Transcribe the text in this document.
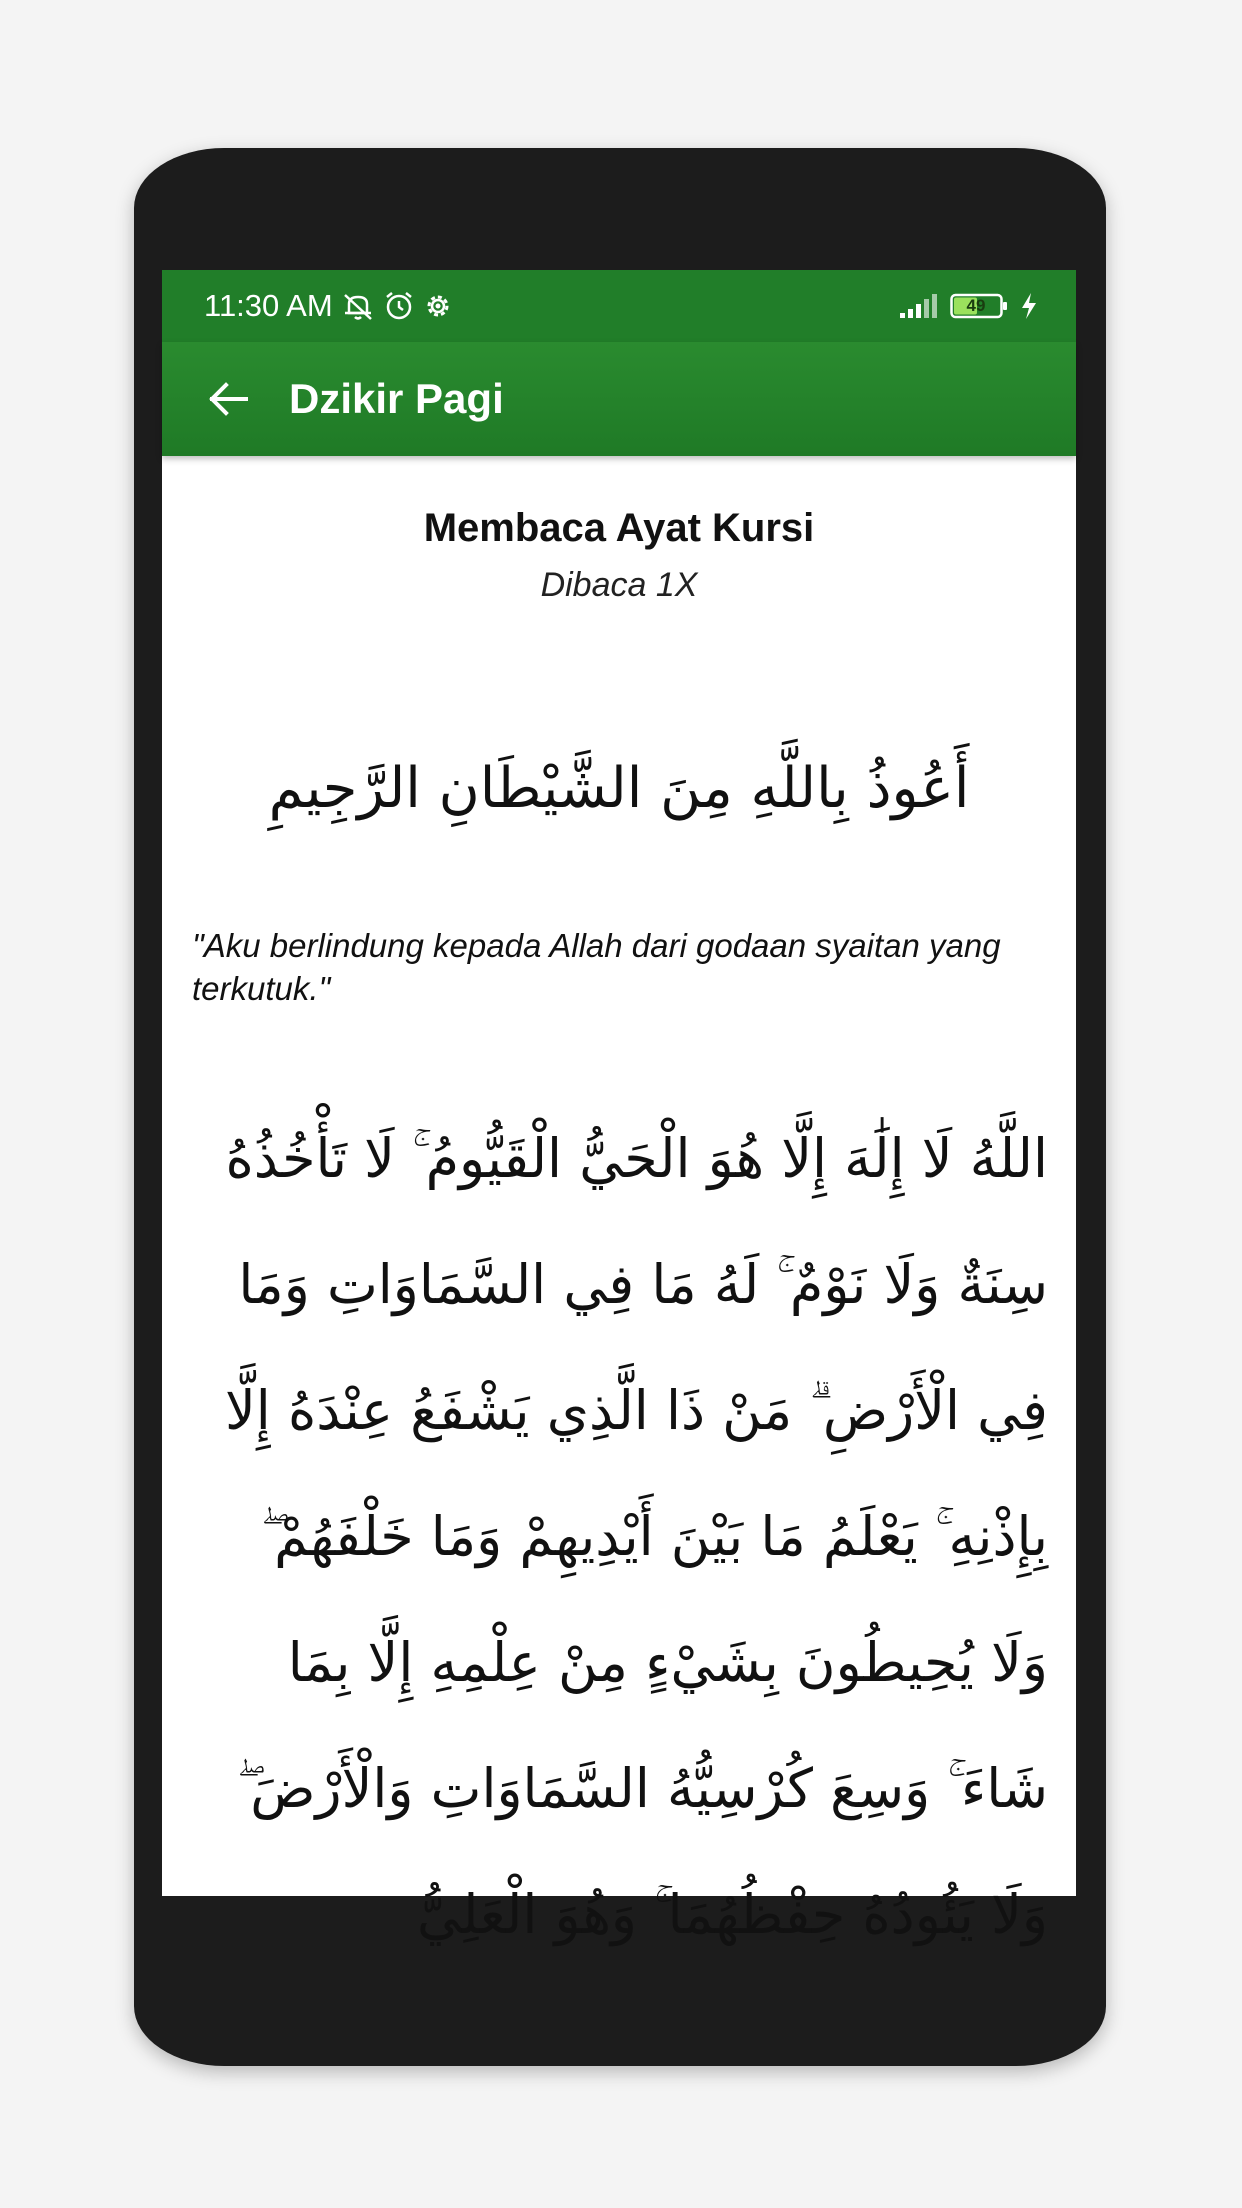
11:30 AM	49
Dzikir Pagi
Membaca Ayat Kursi
Dibaca 1X
أَعُوذُ بِاللَّهِ مِنَ الشَّيْطَانِ الرَّجِيمِ
"Aku berlindung kepada Allah dari godaan syaitan yang terkutuk."
اللَّهُ لَا إِلَٰهَ إِلَّا هُوَ الْحَيُّ الْقَيُّومُ ۚ لَا تَأْخُذُهُ سِنَةٌ وَلَا نَوْمٌ ۚ لَهُ مَا فِي السَّمَاوَاتِ وَمَا فِي الْأَرْضِ ۗ مَنْ ذَا الَّذِي يَشْفَعُ عِنْدَهُ إِلَّا بِإِذْنِهِ ۚ يَعْلَمُ مَا بَيْنَ أَيْدِيهِمْ وَمَا خَلْفَهُمْ ۖ وَلَا يُحِيطُونَ بِشَيْءٍ مِنْ عِلْمِهِ إِلَّا بِمَا شَاءَ ۚ وَسِعَ كُرْسِيُّهُ السَّمَاوَاتِ وَالْأَرْضَ ۖ وَلَا يَئُودُهُ حِفْظُهُمَا ۚ وَهُوَ الْعَلِيُّ
